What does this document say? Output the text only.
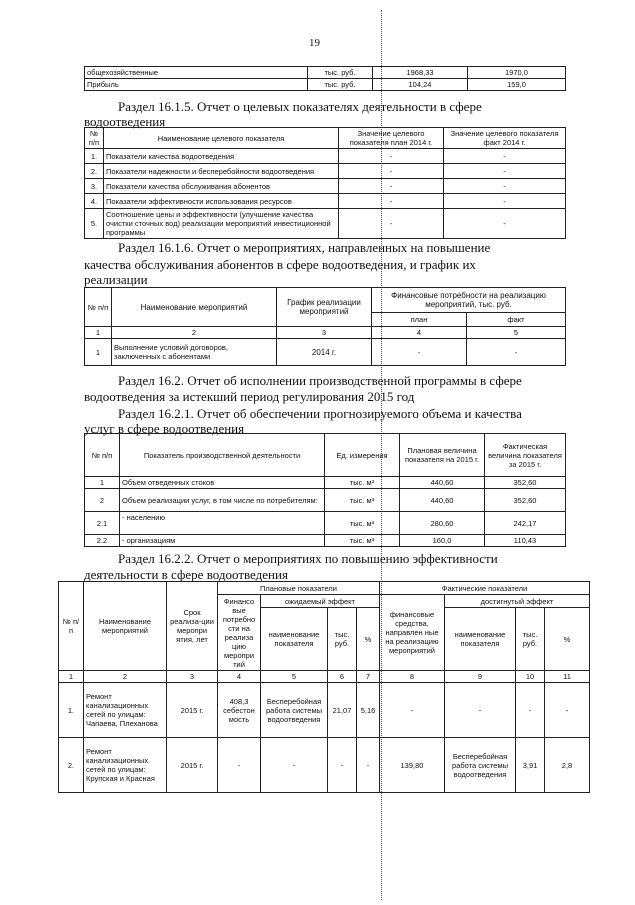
19
общехозяйственные	тыс. руб.	1968,33	1970,0
Прибыль	тыс. руб.	104,24	159,0
Раздел 16.1.5. Отчет о целевых показателях деятельности в сфере
водоотведения
№ п/п	Наименование целевого показателя	Значение целевого показателя план 2014 г.	Значение целевого показателя факт 2014 г.
1.	Показатели качества водоотведения	-	-
2.	Показатели надежности и бесперебойности водоотведения	-	-
3.	Показатели качества обслуживания абонентов	-	-
4.	Показатели эффективности использования ресурсов	-	-
5.	Соотношение цены и эффективности (улучшение качества очистки сточных вод) реализации мероприятий инвестиционной программы	-	-
Раздел 16.1.6. Отчет о мероприятиях, направленных на повышение
качества обслуживания абонентов в сфере водоотведения, и график их
реализации
№ п/п	Наименование мероприятий	График реализации мероприятий	Финансовые потребности на реализацию мероприятий, тыс. руб.	
			план	факт
1	2	3	4	5
1	Выполнение условий договоров, заключенных с абонентами	2014 г.	-	-
Раздел 16.2. Отчет об исполнении производственной программы в сфере
водоотведения за истекший период регулирования 2015 год
Раздел 16.2.1. Отчет об обеспечении прогнозируемого объема и качества
услуг в сфере водоотведения
№ п/п	Показатель производственной деятельности	Ед. измерения	Плановая величина показателя на 2015 г.	Фактическая величина показателя за 2015 г.
1	Объем отведенных стоков	тыс. м³	440,60	352,60
2	Объем реализации услуг, в том числе по потребителям:	тыс. м³	440,60	352,60
2.1	- населению	тыс. м³	280,60	242,17
2.2	- организациям	тыс. м³	160,0	110,43
Раздел 16.2.2. Отчет о мероприятиях по повышению эффективности
деятельности в сфере водоотведения
№ п/ п	Наименование мероприятий	Срок реализа-ции меропри ятия, лет	Плановые показатели				Фактические показатели			
			Финансо вые потребно сти на реализа цию меропри тий	ожидаемый эффект			финансовые средства, направлен ные на реализацию мероприятий	достигнутый эффект		
				наименование показателя	тыс. руб.	%		наименование показателя	тыс. руб.	%
1	2	3	4	5	6	7	8	9	10	11
1.	Ремонт канализационных сетей по улицам: Чапаева, Плеханова	2015 г.	408,3 себестон мость	Бесперебойная работа системы водоотведения	21,07	5,16	-	-	-	-
2.	Ремонт канализационных сетей по улицам: Крупская и Красная	2015 г.	-	-	-	-	139,80	Бесперебойная работа системы водоотведения	3,91	2,8
